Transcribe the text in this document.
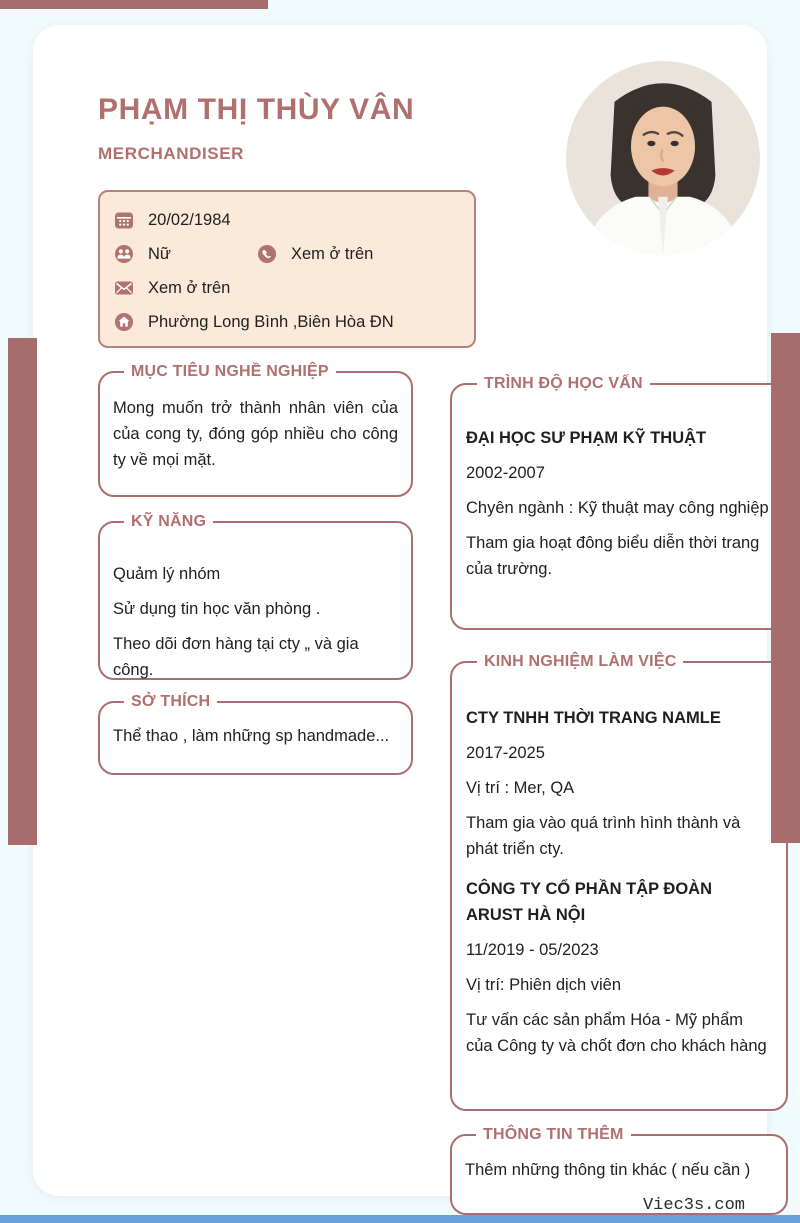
PHẠM THỊ THÙY VÂN
MERCHANDISER
20/02/1984
Nữ	Xem ở trên
Xem ở trên
Phường Long Bình ,Biên Hòa ĐN
MỤC TIÊU NGHỀ NGHIỆP

Mong muốn trở thành nhân viên của của cong ty, đóng góp nhiều cho công ty về mọi mặt.

KỸ NĂNG

Quảm lý nhóm

Sử dụng tin học văn phòng .

Theo dõi đơn hàng tại cty „ và gia công.

SỞ THÍCH

Thể thao , làm những sp handmade...

TRÌNH ĐỘ HỌC VẤN

ĐẠI HỌC SƯ PHẠM KỸ THUẬT

2002-2007

Chyên ngành : Kỹ thuật may công nghiệp

Tham gia hoạt đông biểu diễn thời trang của trường.

KINH NGHIỆM LÀM VIỆC

CTY TNHH THỜI TRANG NAMLE

2017-2025

Vị trí : Mer, QA

Tham gia vào quá trình hình thành và phát triển cty.

CÔNG TY CỔ PHẦN TẬP ĐOÀN ARUST HÀ NỘI

11/2019 - 05/2023

Vị trí: Phiên dịch viên

Tư vấn các sản phẩm Hóa - Mỹ phẩm của Công ty và chốt đơn cho khách hàng

THÔNG TIN THÊM

Thêm những thông tin khác ( nếu cần )

Viec3s.com
